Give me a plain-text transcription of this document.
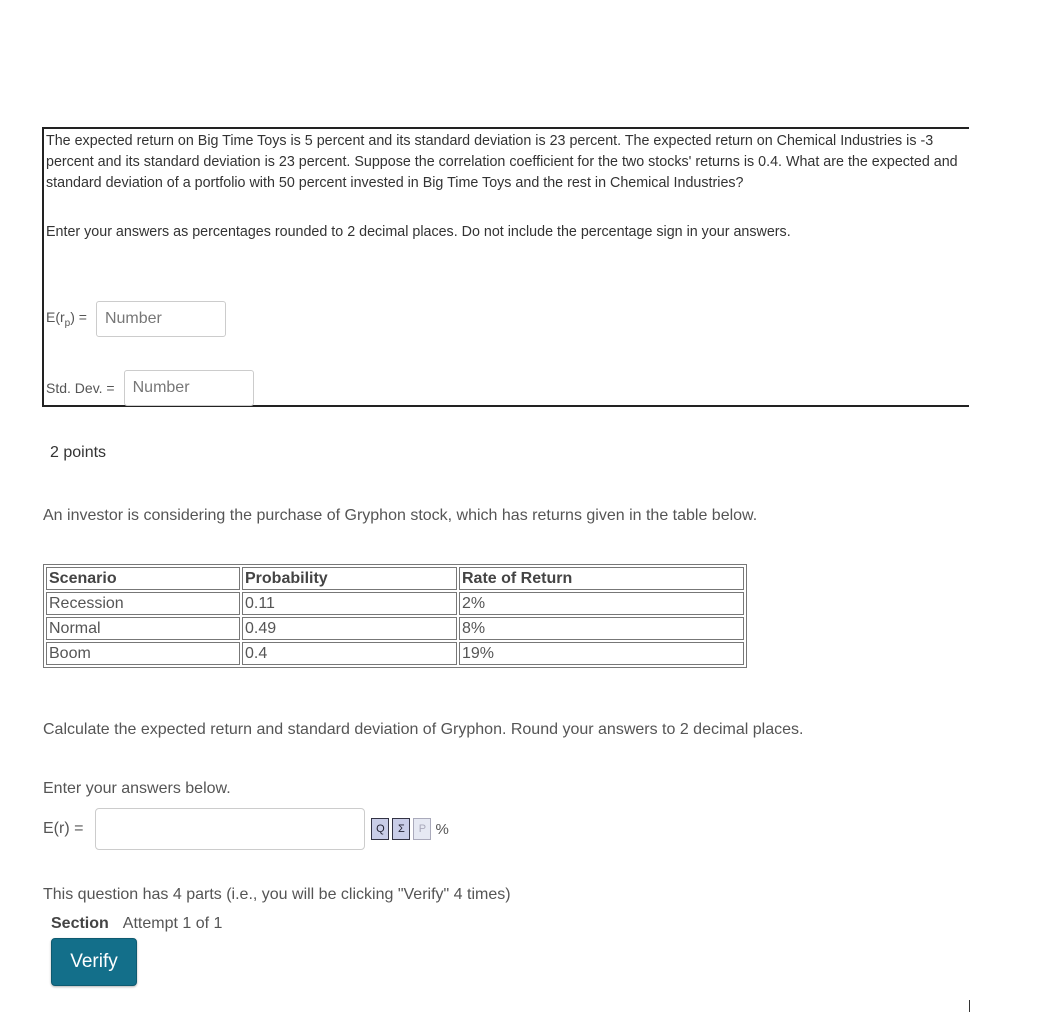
The expected return on Big Time Toys is 5 percent and its standard deviation is 23 percent. The expected return on Chemical Industries is -3 percent and its standard deviation is 23 percent. Suppose the correlation coefficient for the two stocks' returns is 0.4. What are the expected and standard deviation of a portfolio with 50 percent invested in Big Time Toys and the rest in Chemical Industries?
Enter your answers as percentages rounded to 2 decimal places. Do not include the percentage sign in your answers.
$E(r_p)$ =
Number
Std. Dev. =
Number
2 points
An investor is considering the purchase of Gryphon stock, which has returns given in the table below.
Scenario	Probability	Rate of Return
Recession	0.11	2%
Normal	0.49	8%
Boom	0.4	19%
Calculate the expected return and standard deviation of Gryphon. Round your answers to 2 decimal places.
Enter your answers below.
E(r) =	Q	Σ	P %
This question has 4 parts (i.e., you will be clicking "Verify" 4 times)
Section Attempt 1 of 1
Verify
